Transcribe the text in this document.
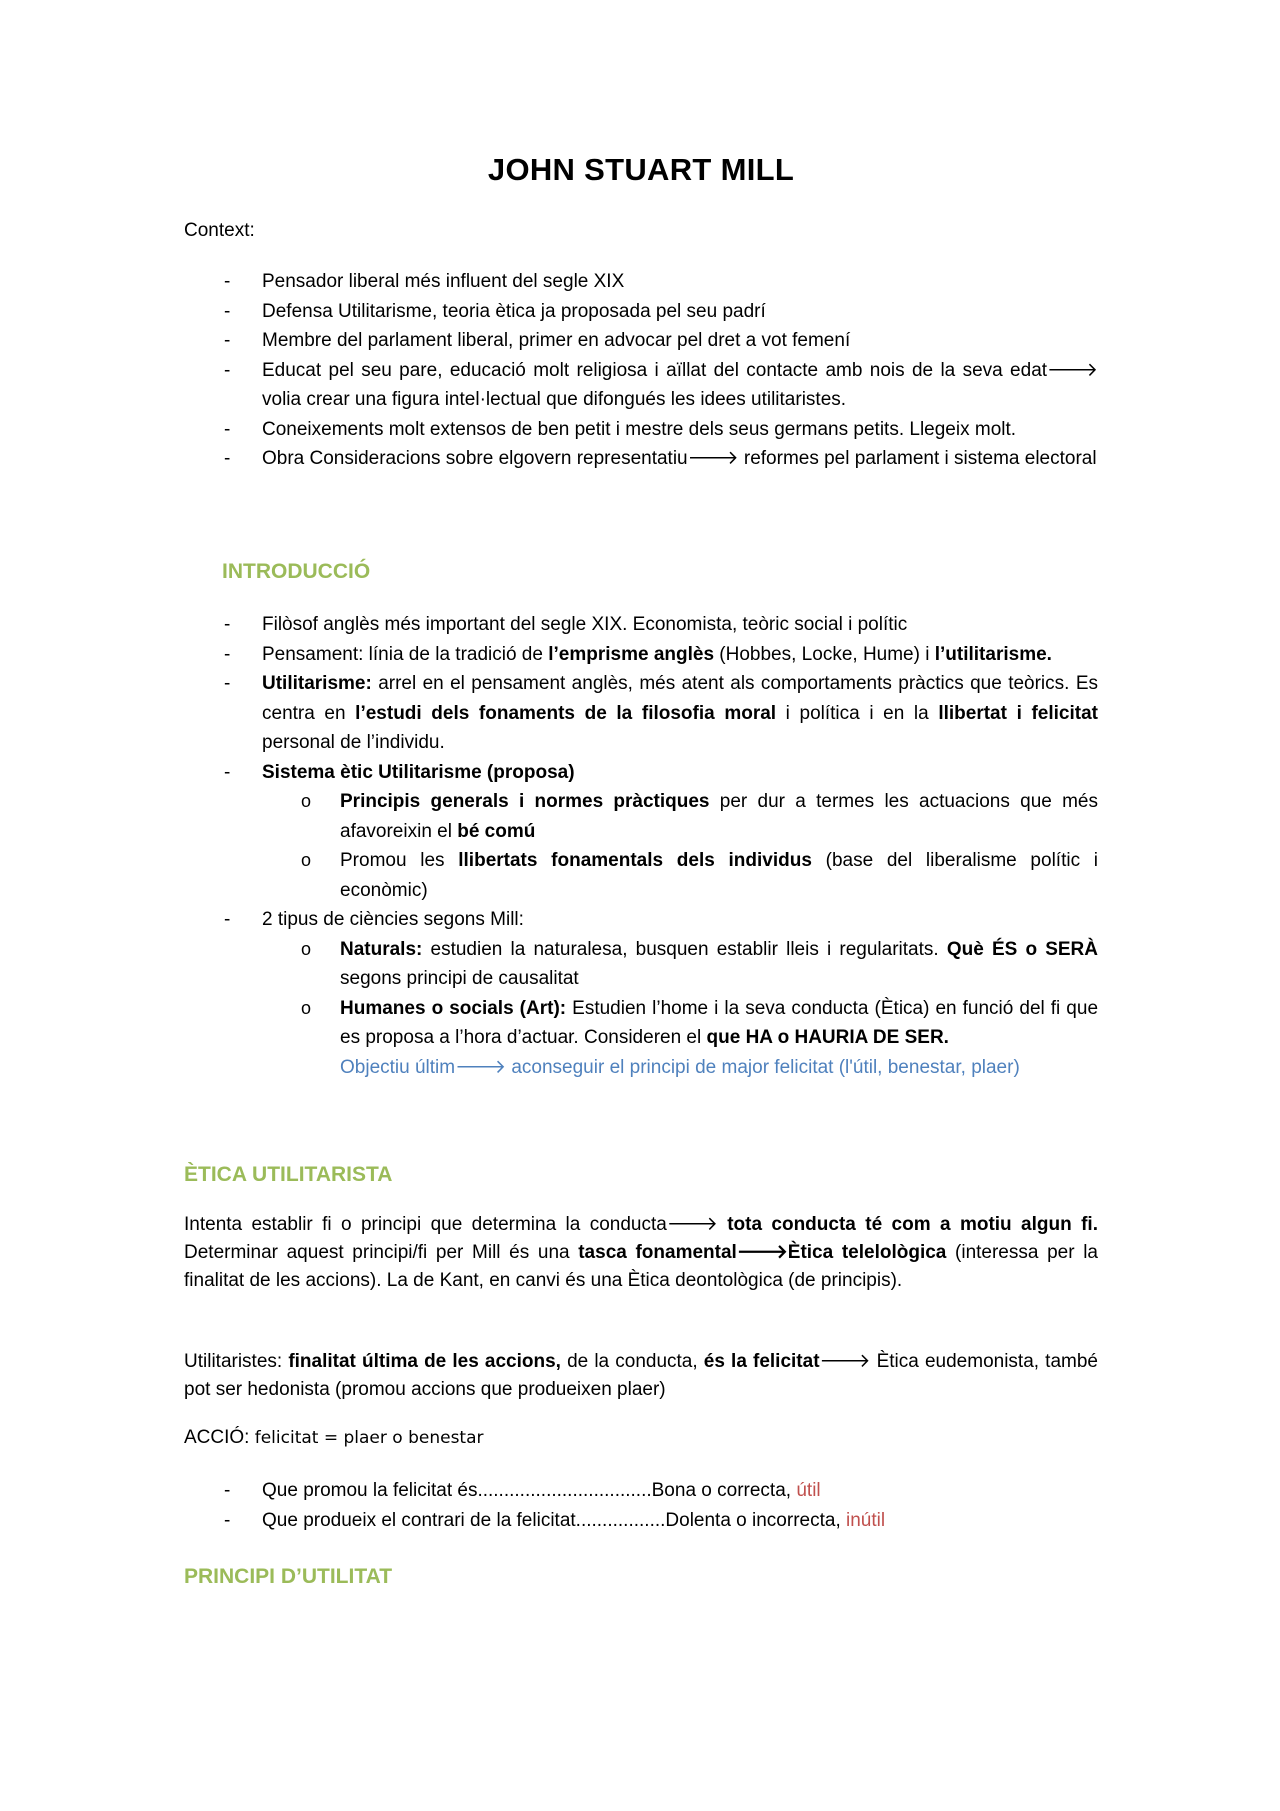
JOHN STUART MILL
Context:
- Pensador liberal més influent del segle XIX
- Defensa Utilitarisme, teoria ètica ja proposada pel seu padrí
- Membre del parlament liberal, primer en advocar pel dret a vot femení
- Educat pel seu pare, educació molt religiosa i aïllat del contacte amb nois de la seva edat🡒 volia crear una figura intel·lectual que difongués les idees utilitaristes.
- Coneixements molt extensos de ben petit i mestre dels seus germans petits. Llegeix molt.
- Obra Consideracions sobre elgovern representatiu🡒 reformes pel parlament i sistema electoral
INTRODUCCIÓ
- Filòsof anglès més important del segle XIX. Economista, teòric social i polític
- Pensament: línia de la tradició de l’emprisme anglès (Hobbes, Locke, Hume) i l’utilitarisme.
- Utilitarisme: arrel en el pensament anglès, més atent als comportaments pràctics que teòrics. Es centra en l’estudi dels fonaments de la filosofia moral i política i en la llibertat i felicitat personal de l’individu.
- Sistema ètic Utilitarisme (proposa)
o Principis generals i normes pràctiques per dur a termes les actuacions que més afavoreixin el bé comú
o Promou les llibertats fonamentals dels individus (base del liberalisme polític i econòmic)
- 2 tipus de ciències segons Mill:
o Naturals: estudien la naturalesa, busquen establir lleis i regularitats. Què ÉS o SERÀ segons principi de causalitat
o Humanes o socials (Art): Estudien l’home i la seva conducta (Ètica) en funció del fi que es proposa a l’hora d’actuar. Consideren el que HA o HAURIA DE SER.
Objectiu últim🡒 aconseguir el principi de major felicitat (l'útil, benestar, plaer)
ÈTICA UTILITARISTA

Intenta establir fi o principi que determina la conducta🡒 tota conducta té com a motiu algun fi. Determinar aquest principi/fi per Mill és una tasca fonamental🡒Ètica telelològica (interessa per la finalitat de les accions). La de Kant, en canvi és una Ètica deontològica (de principis).

Utilitaristes: finalitat última de les accions, de la conducta, és la felicitat🡒 Ètica eudemonista, també pot ser hedonista (promou accions que produeixen plaer)

ACCIÓ: felicitat = plaer o benestar
- Que promou la felicitat és.................................Bona o correcta, útil
- Que produeix el contrari de la felicitat.................Dolenta o incorrecta, inútil
PRINCIPI D’UTILITAT
